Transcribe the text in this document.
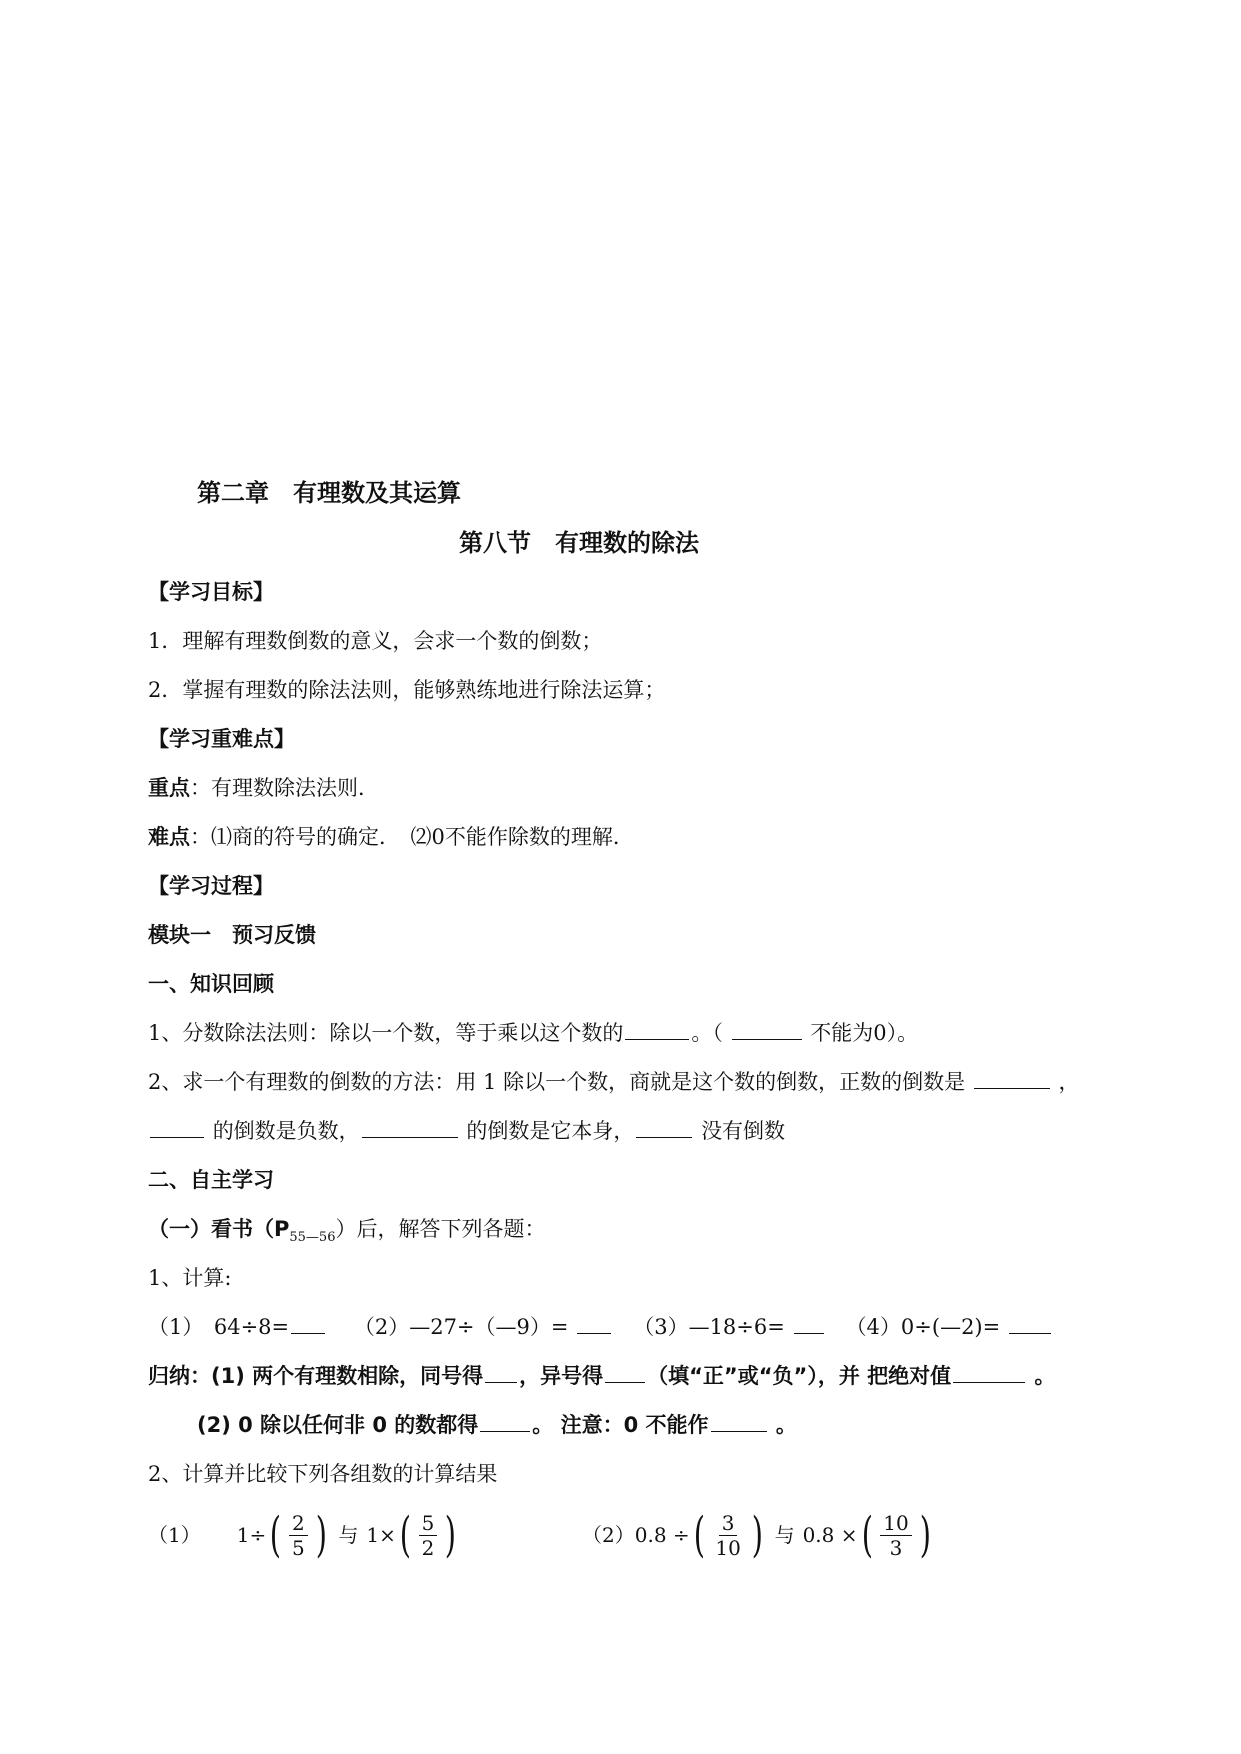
第二章　有理数及其运算
第八节　有理数的除法
【学习目标】
1．理解有理数倒数的意义，会求一个数的倒数；
2．掌握有理数的除法法则，能够熟练地进行除法运算；
【学习重难点】
重点：有理数除法法则．
难点：⑴商的符号的确定．　⑵0不能作除数的理解．
【学习过程】
模块一　预习反馈
一、知识回顾
1、分数除法法则：除以一个数，等于乘以这个数的	。（	不能为0）。
2、求一个有理数的倒数的方法：用 1 除以一个数，商就是这个数的倒数，正数的倒数是	，
的倒数是负数，	的倒数是它本身，	没有倒数
二、自主学习
（一）看书$(P_{55—56})$后，解答下列各题：
1、计算:
（1）　64÷8=	（2）—27÷（—9）=	（3）—18÷6=	（4）0÷(—2)=
归纳：(1) 两个有理数相除，同号得 ，异号得 （填“正”或“负”），并 把绝对值	。
(2) 0 除以任何非 0 的数都得	。 注意：0 不能作	。
2、计算并比较下列各组数的计算结果
（1） 1÷ ( $\frac{2}{5}$ ) 与 1× ( $\frac{5}{2}$ )	（2） 0.8 ÷ ( $\frac{3}{10}$ ) 与 0.8 × ( $\frac{10}{3}$ )
